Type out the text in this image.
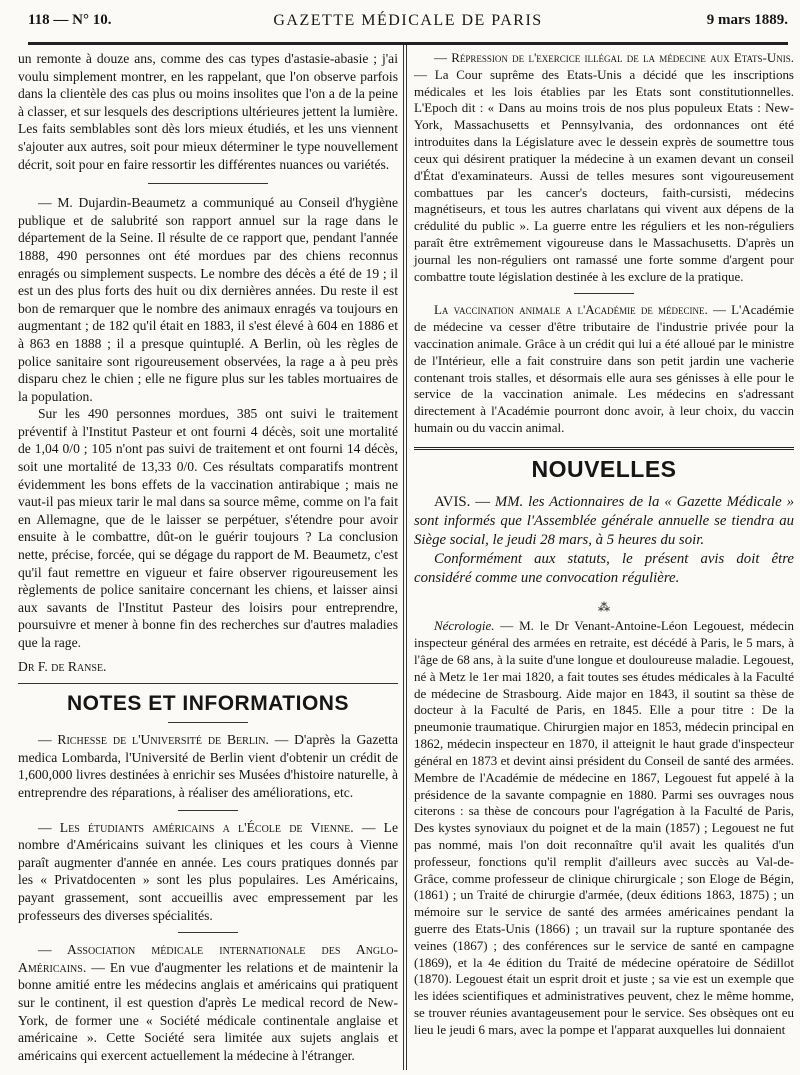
118 — N° 10.	GAZETTE MÉDICALE DE PARIS	9 mars 1889.

un remonte à douze ans, comme des cas types d'astasie-abasie ; j'ai voulu simplement montrer, en les rappelant, que l'on observe parfois dans la clientèle des cas plus ou moins insolites que l'on a de la peine à classer, et sur lesquels des descriptions ultérieures jettent la lumière. Les faits semblables sont dès lors mieux étudiés, et les uns viennent s'ajouter aux autres, soit pour mieux déterminer le type nouvellement décrit, soit pour en faire ressortir les différentes nuances ou variétés.

— M. Dujardin-Beaumetz a communiqué au Conseil d'hygiène publique et de salubrité son rapport annuel sur la rage dans le département de la Seine. Il résulte de ce rapport que, pendant l'année 1888, 490 personnes ont été mordues par des chiens reconnus enragés ou simplement suspects. Le nombre des décès a été de 19 ; il est un des plus forts des huit ou dix dernières années. Du reste il est bon de remarquer que le nombre des animaux enragés va toujours en augmentant ; de 182 qu'il était en 1883, il s'est élevé à 604 en 1886 et à 863 en 1888 ; il a presque quintuplé. A Berlin, où les règles de police sanitaire sont rigoureusement observées, la rage a à peu près disparu chez le chien ; elle ne figure plus sur les tables mortuaires de la population.

Sur les 490 personnes mordues, 385 ont suivi le traitement préventif à l'Institut Pasteur et ont fourni 4 décès, soit une mortalité de 1,04 0/0 ; 105 n'ont pas suivi de traitement et ont fourni 14 décès, soit une mortalité de 13,33 0/0. Ces résultats comparatifs montrent évidemment les bons effets de la vaccination antirabique ; mais ne vaut-il pas mieux tarir le mal dans sa source même, comme on l'a fait en Allemagne, que de le laisser se perpétuer, s'étendre pour avoir ensuite à le combattre, dût-on le guérir toujours ? La conclusion nette, précise, forcée, qui se dégage du rapport de M. Beaumetz, c'est qu'il faut remettre en vigueur et faire observer rigoureusement les règlements de police sanitaire concernant les chiens, et laisser ainsi aux savants de l'Institut Pasteur des loisirs pour entreprendre, poursuivre et mener à bonne fin des recherches sur d'autres maladies que la rage.

Dr F. de Ranse.

NOTES ET INFORMATIONS

— Richesse de l'Université de Berlin. — D'après la Gazetta medica Lombarda, l'Université de Berlin vient d'obtenir un crédit de 1,600,000 livres destinées à enrichir ses Musées d'histoire naturelle, à entreprendre des réparations, à réaliser des améliorations, etc.

— Les étudiants américains a l'École de Vienne. — Le nombre d'Américains suivant les cliniques et les cours à Vienne paraît augmenter d'année en année. Les cours pratiques donnés par les « Privatdocenten » sont les plus populaires. Les Américains, payant grassement, sont accueillis avec empressement par les professeurs des diverses spécialités.

— Association médicale internationale des Anglo-Américains. — En vue d'augmenter les relations et de maintenir la bonne amitié entre les médecins anglais et américains qui pratiquent sur le continent, il est question d'après Le medical record de New-York, de former une « Société médicale continentale anglaise et américaine ». Cette Société sera limitée aux sujets anglais et américains qui exercent actuellement la médecine à l'étranger.

— Répression de l'exercice illégal de la médecine aux Etats-Unis. — La Cour suprême des Etats-Unis a décidé que les inscriptions médicales et les lois établies par les Etats sont constitutionnelles. L'Epoch dit : « Dans au moins trois de nos plus populeux Etats : New-York, Massachusetts et Pennsylvania, des ordonnances ont été introduites dans la Législature avec le dessein exprès de soumettre tous ceux qui désirent pratiquer la médecine à un examen devant un conseil d'État d'examinateurs. Aussi de telles mesures sont vigoureusement combattues par les cancer's docteurs, faith-cursisti, médecins magnétiseurs, et tous les autres charlatans qui vivent aux dépens de la crédulité du public ». La guerre entre les réguliers et les non-réguliers paraît être extrêmement vigoureuse dans le Massachusetts. D'après un journal les non-réguliers ont ramassé une forte somme d'argent pour combattre toute législation destinée à les exclure de la pratique.

La vaccination animale a l'Académie de médecine. — L'Académie de médecine va cesser d'être tributaire de l'industrie privée pour la vaccination animale. Grâce à un crédit qui lui a été alloué par le ministre de l'Intérieur, elle a fait construire dans son petit jardin une vacherie contenant trois stalles, et désormais elle aura ses génisses à elle pour le service de la vaccination animale. Les médecins en s'adressant directement à l'Académie pourront donc avoir, à leur choix, du vaccin humain ou du vaccin animal.

NOUVELLES

AVIS. — MM. les Actionnaires de la « Gazette Médicale » sont informés que l'Assemblée générale annuelle se tiendra au Siège social, le jeudi 28 mars, à 5 heures du soir.

Conformément aux statuts, le présent avis doit être considéré comme une convocation régulière.

⁂

Nécrologie. — M. le Dr Venant-Antoine-Léon Legouest, médecin inspecteur général des armées en retraite, est décédé à Paris, le 5 mars, à l'âge de 68 ans, à la suite d'une longue et douloureuse maladie. Legouest, né à Metz le 1er mai 1820, a fait toutes ses études médicales à la Faculté de médecine de Strasbourg. Aide major en 1843, il soutint sa thèse de docteur à la Faculté de Paris, en 1845. Elle a pour titre : De la pneumonie traumatique. Chirurgien major en 1853, médecin principal en 1862, médecin inspecteur en 1870, il atteignit le haut grade d'inspecteur général en 1873 et devint ainsi président du Conseil de santé des armées. Membre de l'Académie de médecine en 1867, Legouest fut appelé à la présidence de la savante compagnie en 1880. Parmi ses ouvrages nous citerons : sa thèse de concours pour l'agrégation à la Faculté de Paris, Des kystes synoviaux du poignet et de la main (1857) ; Legouest ne fut pas nommé, mais l'on doit reconnaître qu'il avait les qualités d'un professeur, fonctions qu'il remplit d'ailleurs avec succès au Val-de-Grâce, comme professeur de clinique chirurgicale ; son Eloge de Bégin, (1861) ; un Traité de chirurgie d'armée, (deux éditions 1863, 1875) ; un mémoire sur le service de santé des armées américaines pendant la guerre des Etats-Unis (1866) ; un travail sur la rupture spontanée des veines (1867) ; des conférences sur le service de santé en campagne (1869), et la 4e édition du Traité de médecine opératoire de Sédillot (1870). Legouest était un esprit droit et juste ; sa vie est un exemple que les idées scientifiques et administratives peuvent, chez le même homme, se trouver réunies avantageusement pour le service. Ses obsèques ont eu lieu le jeudi 6 mars, avec la pompe et l'apparat auxquelles lui donnaient
